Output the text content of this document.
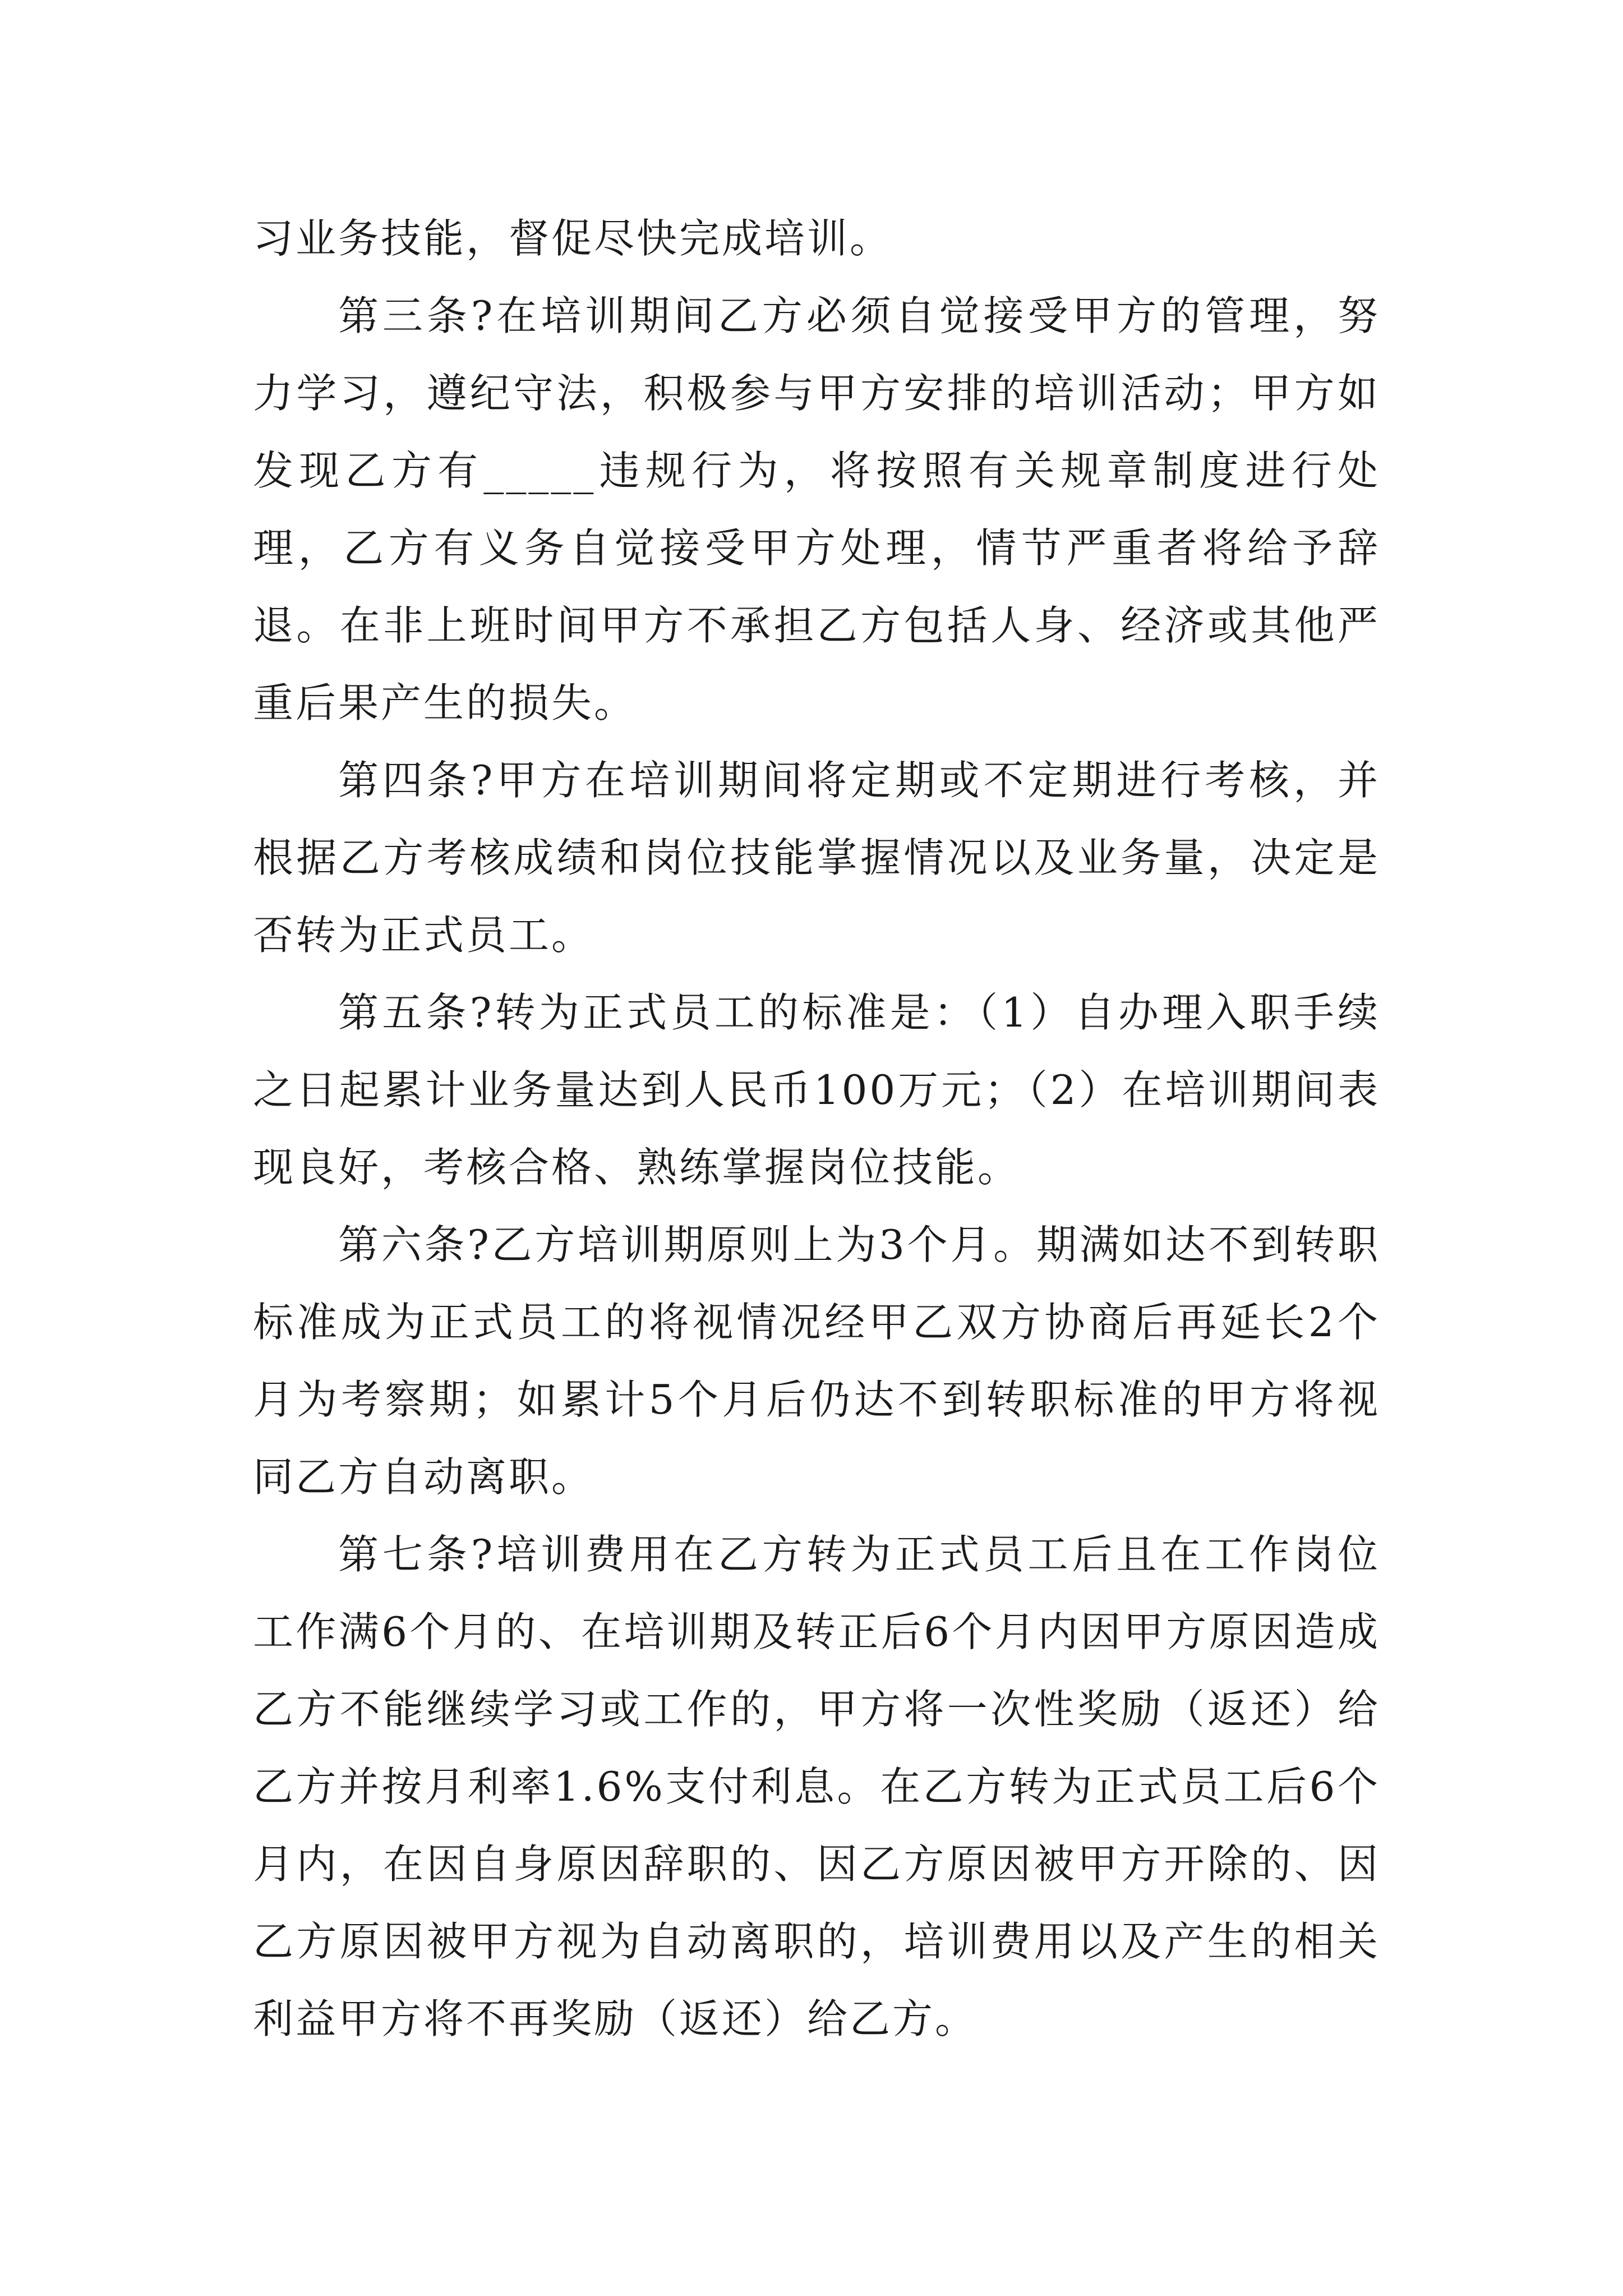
习业务技能，督促尽快完成培训。

第三条?在培训期间乙方必须自觉接受甲方的管理，努力学习，遵纪守法，积极参与甲方安排的培训活动；甲方如发现乙方有_____违规行为，将按照有关规章制度进行处理，乙方有义务自觉接受甲方处理，情节严重者将给予辞退。在非上班时间甲方不承担乙方包括人身、经济或其他严重后果产生的损失。

第四条?甲方在培训期间将定期或不定期进行考核，并根据乙方考核成绩和岗位技能掌握情况以及业务量，决定是否转为正式员工。

第五条?转为正式员工的标准是：（1）自办理入职手续之日起累计业务量达到人民币100万元；（2）在培训期间表现良好，考核合格、熟练掌握岗位技能。

第六条?乙方培训期原则上为3个月。期满如达不到转职标准成为正式员工的将视情况经甲乙双方协商后再延长2个月为考察期；如累计5个月后仍达不到转职标准的甲方将视同乙方自动离职。

第七条?培训费用在乙方转为正式员工后且在工作岗位工作满6个月的、在培训期及转正后6个月内因甲方原因造成乙方不能继续学习或工作的，甲方将一次性奖励（返还）给乙方并按月利率1.6%支付利息。在乙方转为正式员工后6个月内，在因自身原因辞职的、因乙方原因被甲方开除的、因乙方原因被甲方视为自动离职的，培训费用以及产生的相关利益甲方将不再奖励（返还）给乙方。
